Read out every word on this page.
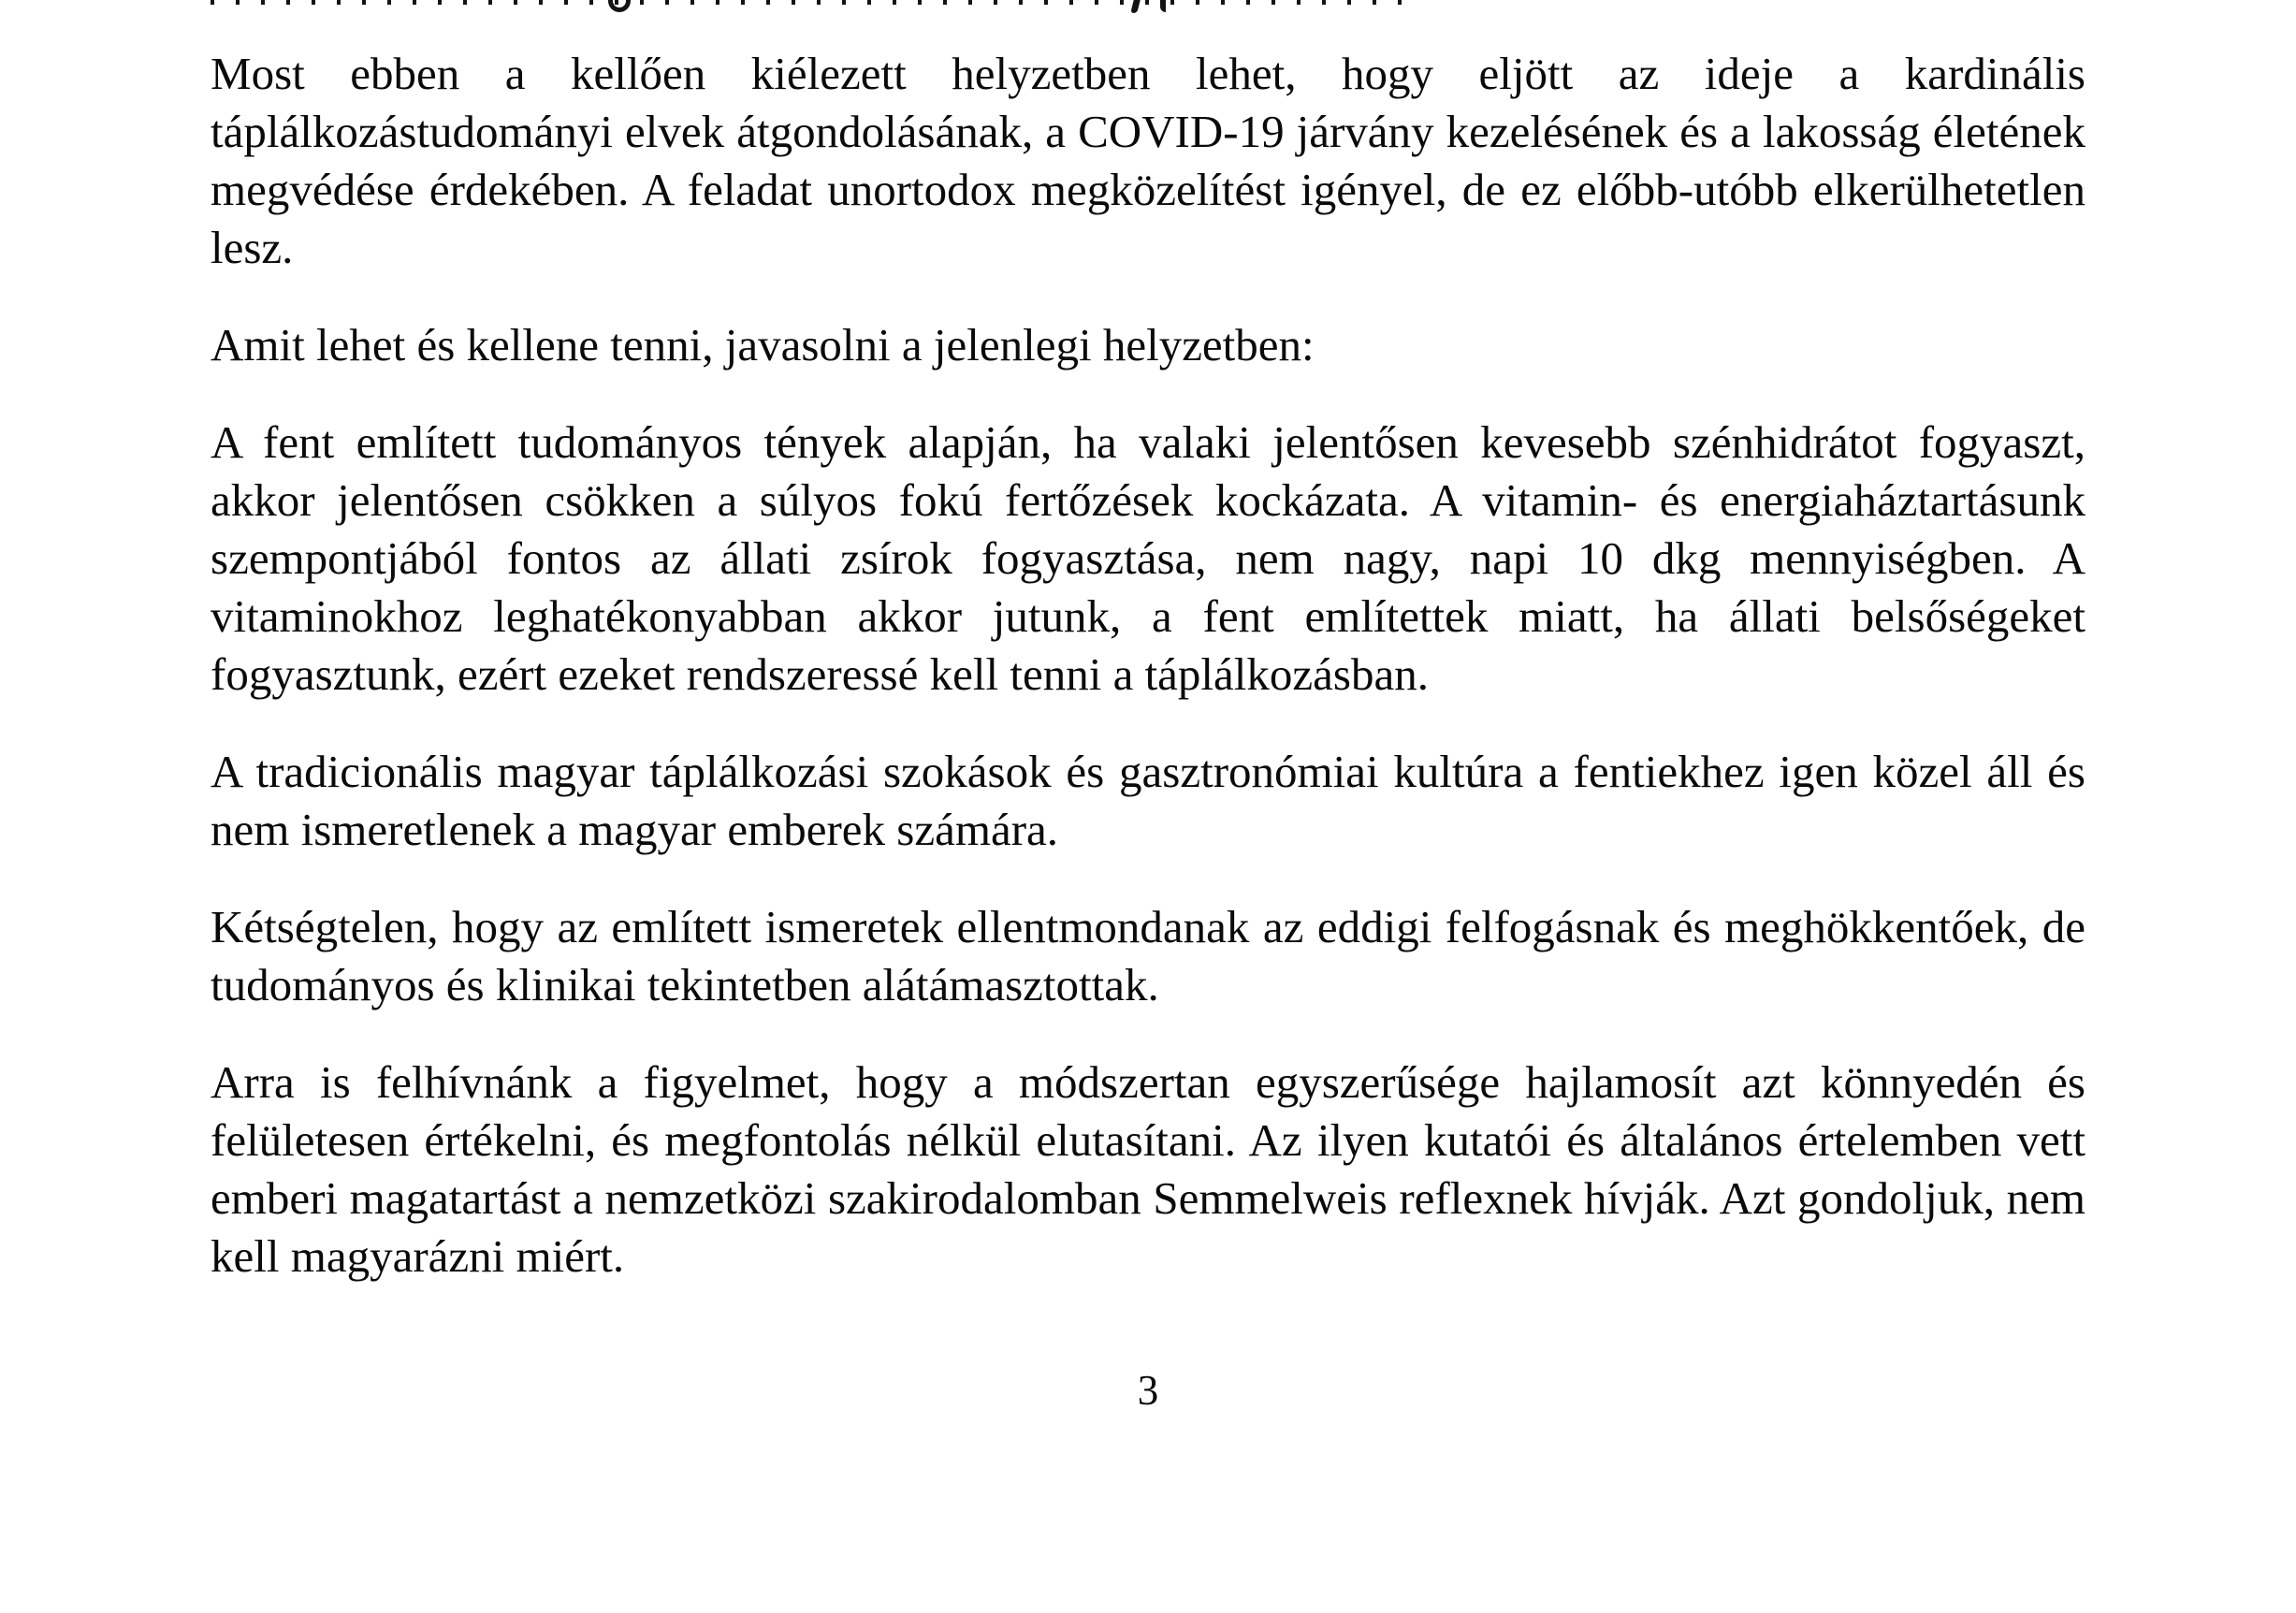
Most ebben a kellően kiélezett helyzetben lehet, hogy eljött az ideje a kardinális táplálkozástudományi elvek átgondolásának, a COVID-19 járvány kezelésének és a lakosság életének megvédése érdekében. A feladat unortodox megközelítést igényel, de ez előbb-utóbb elkerülhetetlen lesz.

Amit lehet és kellene tenni, javasolni a jelenlegi helyzetben:

A fent említett tudományos tények alapján, ha valaki jelentősen kevesebb szénhidrátot fogyaszt, akkor jelentősen csökken a súlyos fokú fertőzések kockázata. A vitamin- és energiaháztartásunk szempontjából fontos az állati zsírok fogyasztása, nem nagy, napi 10 dkg mennyiségben. A vitaminokhoz leghatékonyabban akkor jutunk, a fent említettek miatt, ha állati belsőségeket fogyasztunk, ezért ezeket rendszeressé kell tenni a táplálkozásban.

A tradicionális magyar táplálkozási szokások és gasztronómiai kultúra a fentiekhez igen közel áll és nem ismeretlenek a magyar emberek számára.

Kétségtelen, hogy az említett ismeretek ellentmondanak az eddigi felfogásnak és meghökkentőek, de tudományos és klinikai tekintetben alátámasztottak.

Arra is felhívnánk a figyelmet, hogy a módszertan egyszerűsége hajlamosít azt könnyedén és felületesen értékelni, és megfontolás nélkül elutasítani. Az ilyen kutatói és általános értelemben vett emberi magatartást a nemzetközi szakirodalomban Semmelweis reflexnek hívják. Azt gondoljuk, nem kell magyarázni miért.

3
